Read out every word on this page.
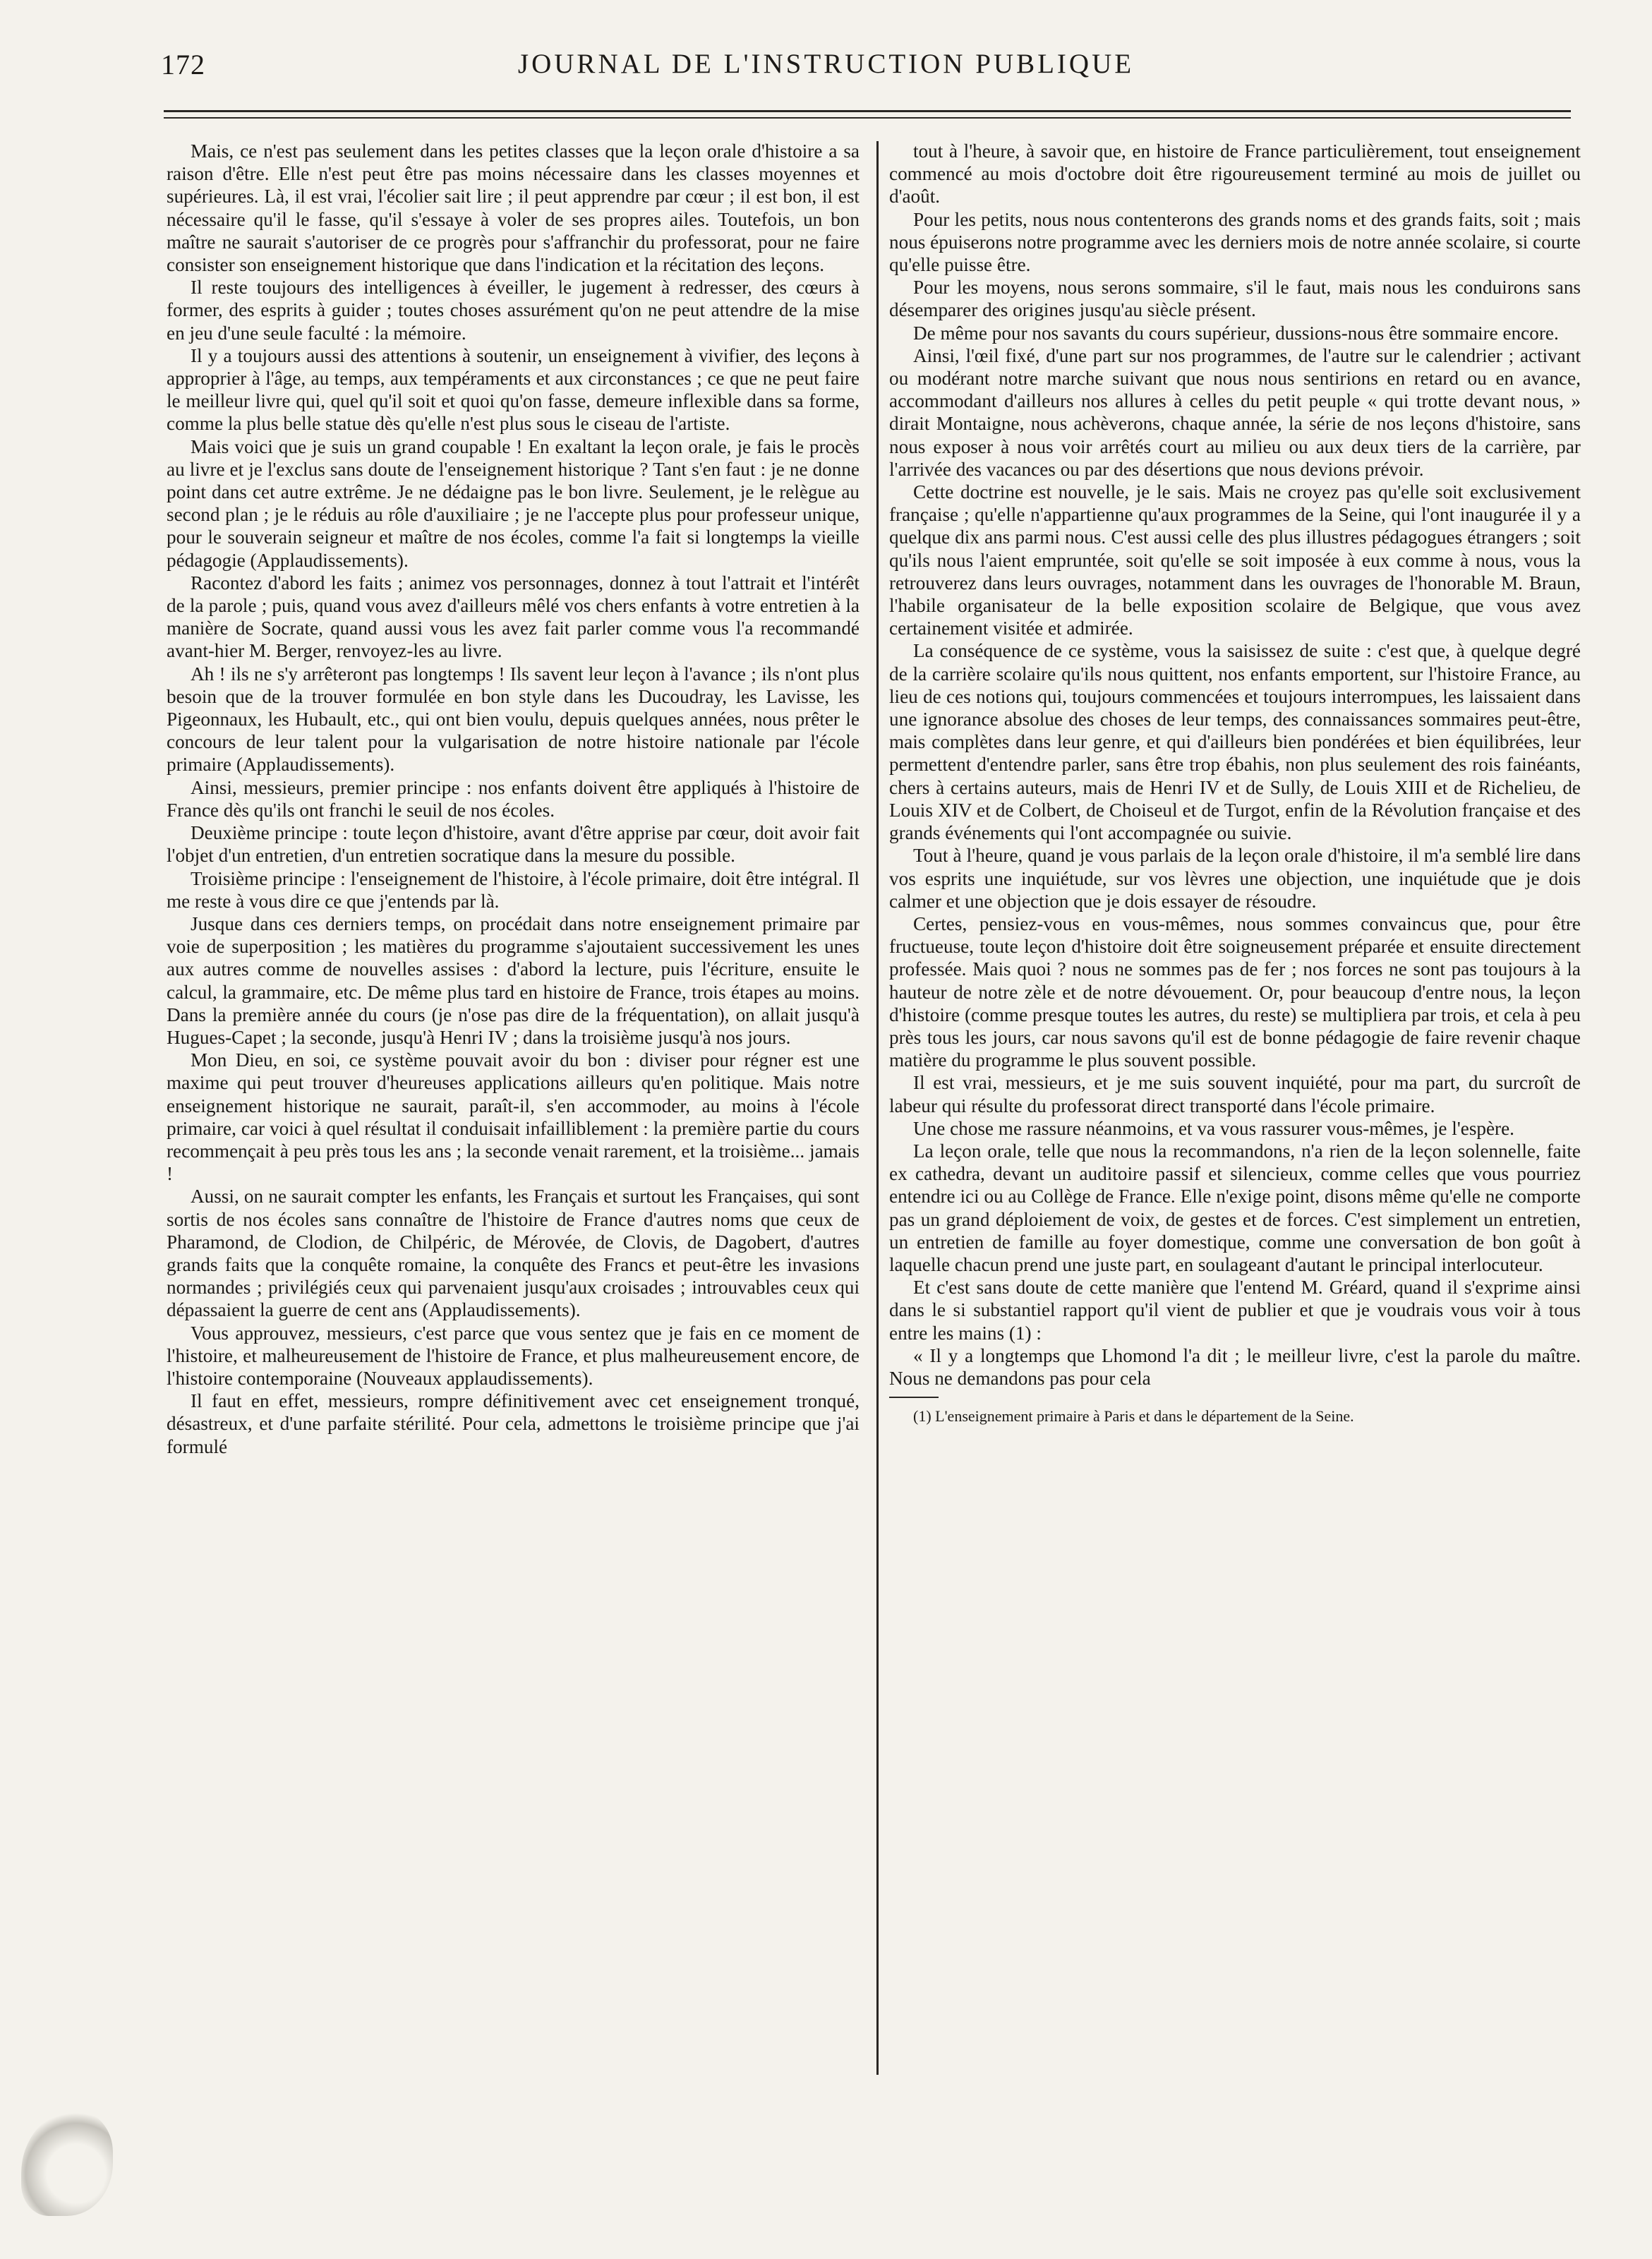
172	JOURNAL DE L'INSTRUCTION PUBLIQUE

Mais, ce n'est pas seulement dans les petites classes que la leçon orale d'histoire a sa raison d'être. Elle n'est peut être pas moins nécessaire dans les classes moyennes et supérieures. Là, il est vrai, l'écolier sait lire ; il peut apprendre par cœur ; il est bon, il est nécessaire qu'il le fasse, qu'il s'essaye à voler de ses propres ailes. Toutefois, un bon maître ne saurait s'autoriser de ce progrès pour s'affranchir du professorat, pour ne faire consister son enseignement historique que dans l'indication et la récitation des leçons.

Il reste toujours des intelligences à éveiller, le jugement à redresser, des cœurs à former, des esprits à guider ; toutes choses assurément qu'on ne peut attendre de la mise en jeu d'une seule faculté : la mémoire.

Il y a toujours aussi des attentions à soutenir, un enseignement à vivifier, des leçons à approprier à l'âge, au temps, aux tempéraments et aux circonstances ; ce que ne peut faire le meilleur livre qui, quel qu'il soit et quoi qu'on fasse, demeure inflexible dans sa forme, comme la plus belle statue dès qu'elle n'est plus sous le ciseau de l'artiste.

Mais voici que je suis un grand coupable ! En exaltant la leçon orale, je fais le procès au livre et je l'exclus sans doute de l'enseignement historique ? Tant s'en faut : je ne donne point dans cet autre extrême. Je ne dédaigne pas le bon livre. Seulement, je le relègue au second plan ; je le réduis au rôle d'auxiliaire ; je ne l'accepte plus pour professeur unique, pour le souverain seigneur et maître de nos écoles, comme l'a fait si longtemps la vieille pédagogie (Applaudissements).

Racontez d'abord les faits ; animez vos personnages, donnez à tout l'attrait et l'intérêt de la parole ; puis, quand vous avez d'ailleurs mêlé vos chers enfants à votre entretien à la manière de Socrate, quand aussi vous les avez fait parler comme vous l'a recommandé avant-hier M. Berger, renvoyez-les au livre.

Ah ! ils ne s'y arrêteront pas longtemps ! Ils savent leur leçon à l'avance ; ils n'ont plus besoin que de la trouver formulée en bon style dans les Ducoudray, les Lavisse, les Pigeonnaux, les Hubault, etc., qui ont bien voulu, depuis quelques années, nous prêter le concours de leur talent pour la vulgarisation de notre histoire nationale par l'école primaire (Applaudissements).

Ainsi, messieurs, premier principe : nos enfants doivent être appliqués à l'histoire de France dès qu'ils ont franchi le seuil de nos écoles.

Deuxième principe : toute leçon d'histoire, avant d'être apprise par cœur, doit avoir fait l'objet d'un entretien, d'un entretien socratique dans la mesure du possible.

Troisième principe : l'enseignement de l'histoire, à l'école primaire, doit être intégral. Il me reste à vous dire ce que j'entends par là.

Jusque dans ces derniers temps, on procédait dans notre enseignement primaire par voie de superposition ; les matières du programme s'ajoutaient successivement les unes aux autres comme de nouvelles assises : d'abord la lecture, puis l'écriture, ensuite le calcul, la grammaire, etc. De même plus tard en histoire de France, trois étapes au moins. Dans la première année du cours (je n'ose pas dire de la fréquentation), on allait jusqu'à Hugues-Capet ; la seconde, jusqu'à Henri IV ; dans la troisième jusqu'à nos jours.

Mon Dieu, en soi, ce système pouvait avoir du bon : diviser pour régner est une maxime qui peut trouver d'heureuses applications ailleurs qu'en politique. Mais notre enseignement historique ne saurait, paraît-il, s'en accommoder, au moins à l'école primaire, car voici à quel résultat il conduisait infailliblement : la première partie du cours recommençait à peu près tous les ans ; la seconde venait rarement, et la troisième... jamais !

Aussi, on ne saurait compter les enfants, les Français et surtout les Françaises, qui sont sortis de nos écoles sans connaître de l'histoire de France d'autres noms que ceux de Pharamond, de Clodion, de Chilpéric, de Mérovée, de Clovis, de Dagobert, d'autres grands faits que la conquête romaine, la conquête des Francs et peut-être les invasions normandes ; privilégiés ceux qui parvenaient jusqu'aux croisades ; introuvables ceux qui dépassaient la guerre de cent ans (Applaudissements).

Vous approuvez, messieurs, c'est parce que vous sentez que je fais en ce moment de l'histoire, et malheureusement de l'histoire de France, et plus malheureusement encore, de l'histoire contemporaine (Nouveaux applaudissements).

Il faut en effet, messieurs, rompre définitivement avec cet enseignement tronqué, désastreux, et d'une parfaite stérilité. Pour cela, admettons le troisième principe que j'ai formulé

tout à l'heure, à savoir que, en histoire de France particulièrement, tout enseignement commencé au mois d'octobre doit être rigoureusement terminé au mois de juillet ou d'août.

Pour les petits, nous nous contenterons des grands noms et des grands faits, soit ; mais nous épuiserons notre programme avec les derniers mois de notre année scolaire, si courte qu'elle puisse être.

Pour les moyens, nous serons sommaire, s'il le faut, mais nous les conduirons sans désemparer des origines jusqu'au siècle présent.

De même pour nos savants du cours supérieur, dussions-nous être sommaire encore.

Ainsi, l'œil fixé, d'une part sur nos programmes, de l'autre sur le calendrier ; activant ou modérant notre marche suivant que nous nous sentirions en retard ou en avance, accommodant d'ailleurs nos allures à celles du petit peuple « qui trotte devant nous, » dirait Montaigne, nous achèverons, chaque année, la série de nos leçons d'histoire, sans nous exposer à nous voir arrêtés court au milieu ou aux deux tiers de la carrière, par l'arrivée des vacances ou par des désertions que nous devions prévoir.

Cette doctrine est nouvelle, je le sais. Mais ne croyez pas qu'elle soit exclusivement française ; qu'elle n'appartienne qu'aux programmes de la Seine, qui l'ont inaugurée il y a quelque dix ans parmi nous. C'est aussi celle des plus illustres pédagogues étrangers ; soit qu'ils nous l'aient empruntée, soit qu'elle se soit imposée à eux comme à nous, vous la retrouverez dans leurs ouvrages, notamment dans les ouvrages de l'honorable M. Braun, l'habile organisateur de la belle exposition scolaire de Belgique, que vous avez certainement visitée et admirée.

La conséquence de ce système, vous la saisissez de suite : c'est que, à quelque degré de la carrière scolaire qu'ils nous quittent, nos enfants emportent, sur l'histoire France, au lieu de ces notions qui, toujours commencées et toujours interrompues, les laissaient dans une ignorance absolue des choses de leur temps, des connaissances sommaires peut-être, mais complètes dans leur genre, et qui d'ailleurs bien pondérées et bien équilibrées, leur permettent d'entendre parler, sans être trop ébahis, non plus seulement des rois fainéants, chers à certains auteurs, mais de Henri IV et de Sully, de Louis XIII et de Richelieu, de Louis XIV et de Colbert, de Choiseul et de Turgot, enfin de la Révolution française et des grands événements qui l'ont accompagnée ou suivie.

Tout à l'heure, quand je vous parlais de la leçon orale d'histoire, il m'a semblé lire dans vos esprits une inquiétude, sur vos lèvres une objection, une inquiétude que je dois calmer et une objection que je dois essayer de résoudre.

Certes, pensiez-vous en vous-mêmes, nous sommes convaincus que, pour être fructueuse, toute leçon d'histoire doit être soigneusement préparée et ensuite directement professée. Mais quoi ? nous ne sommes pas de fer ; nos forces ne sont pas toujours à la hauteur de notre zèle et de notre dévouement. Or, pour beaucoup d'entre nous, la leçon d'histoire (comme presque toutes les autres, du reste) se multipliera par trois, et cela à peu près tous les jours, car nous savons qu'il est de bonne pédagogie de faire revenir chaque matière du programme le plus souvent possible.

Il est vrai, messieurs, et je me suis souvent inquiété, pour ma part, du surcroît de labeur qui résulte du professorat direct transporté dans l'école primaire.

Une chose me rassure néanmoins, et va vous rassurer vous-mêmes, je l'espère.

La leçon orale, telle que nous la recommandons, n'a rien de la leçon solennelle, faite ex cathedra, devant un auditoire passif et silencieux, comme celles que vous pourriez entendre ici ou au Collège de France. Elle n'exige point, disons même qu'elle ne comporte pas un grand déploiement de voix, de gestes et de forces. C'est simplement un entretien, un entretien de famille au foyer domestique, comme une conversation de bon goût à laquelle chacun prend une juste part, en soulageant d'autant le principal interlocuteur.

Et c'est sans doute de cette manière que l'entend M. Gréard, quand il s'exprime ainsi dans le si substantiel rapport qu'il vient de publier et que je voudrais vous voir à tous entre les mains (1) :

« Il y a longtemps que Lhomond l'a dit ; le meilleur livre, c'est la parole du maître. Nous ne demandons pas pour cela

(1) L'enseignement primaire à Paris et dans le département de la Seine.
